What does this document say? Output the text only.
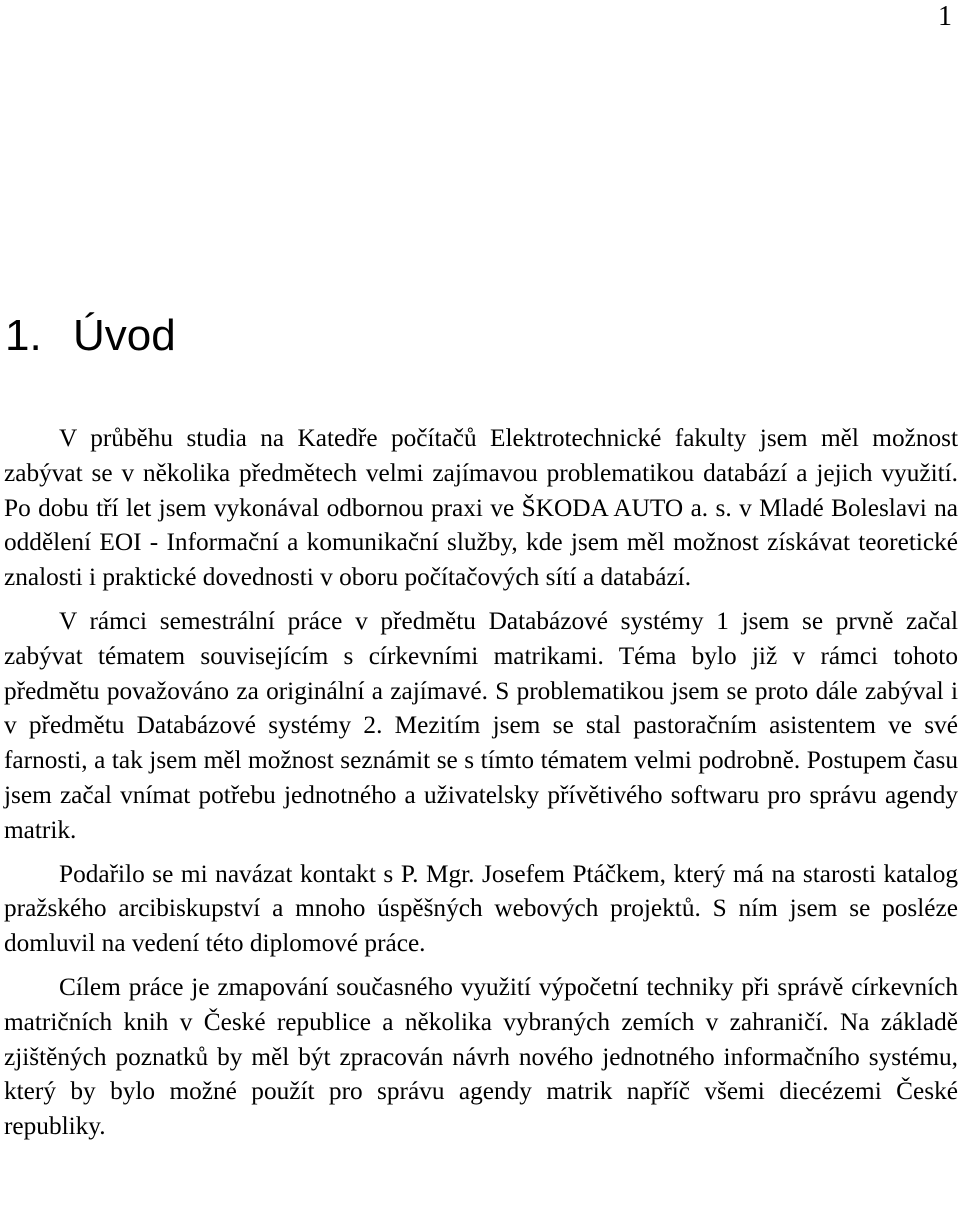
1
1. Úvod

V průběhu studia na Katedře počítačů Elektrotechnické fakulty jsem měl možnost zabývat se v několika předmětech velmi zajímavou problematikou databází a jejich využití. Po dobu tří let jsem vykonával odbornou praxi ve ŠKODA AUTO a. s. v Mladé Boleslavi na oddělení EOI - Informační a komunikační služby, kde jsem měl možnost získávat teoretické znalosti i praktické dovednosti v oboru počítačových sítí a databází.

V rámci semestrální práce v předmětu Databázové systémy 1 jsem se prvně začal zabývat tématem souvisejícím s církevními matrikami. Téma bylo již v rámci tohoto předmětu považováno za originální a zajímavé. S problematikou jsem se proto dále zabýval i v předmětu Databázové systémy 2. Mezitím jsem se stal pastoračním asistentem ve své farnosti, a tak jsem měl možnost seznámit se s tímto tématem velmi podrobně. Postupem času jsem začal vnímat potřebu jednotného a uživatelsky přívětivého softwaru pro správu agendy matrik.

Podařilo se mi navázat kontakt s P. Mgr. Josefem Ptáčkem, který má na starosti katalog pražského arcibiskupství a mnoho úspěšných webových projektů. S ním jsem se posléze domluvil na vedení této diplomové práce.

Cílem práce je zmapování současného využití výpočetní techniky při správě církevních matričních knih v České republice a několika vybraných zemích v zahraničí. Na základě zjištěných poznatků by měl být zpracován návrh nového jednotného informačního systému, který by bylo možné použít pro správu agendy matrik napříč všemi diecézemi České republiky.
